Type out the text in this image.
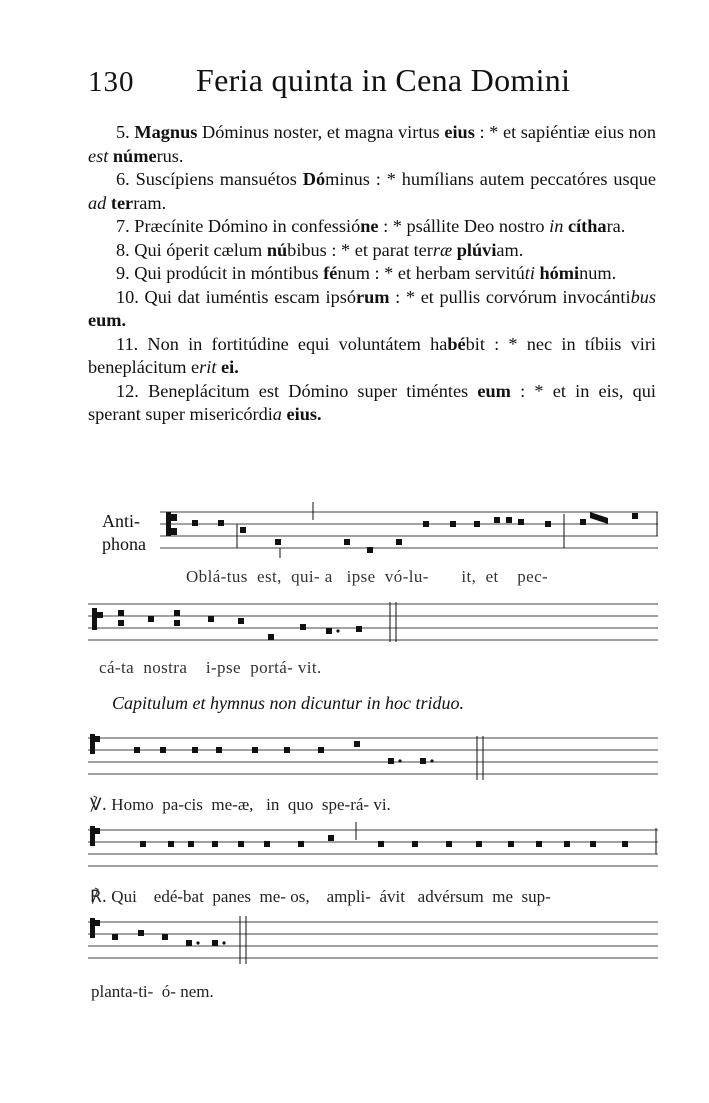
130 Feria quinta in Cena Domini

5. Magnus Dóminus noster, et magna virtus eius : * et sapiéntiæ eius non est númerus.

6. Suscípiens mansuétos Dóminus : * humílians autem peccatóres usque ad terram.

7. Præcínite Dómino in confessióne : * psállite Deo nostro in cíthara.

8. Qui óperit cælum núbibus : * et parat terræ plúviam.

9. Qui prodúcit in móntibus fénum : * et herbam servitúti hóminum.

10. Qui dat iuméntis escam ipsórum : * et pullis corvórum invocántibus eum.

11. Non in fortitúdine equi voluntátem habébit : * nec in tíbiis viri beneplácitum erit ei.

12. Beneplácitum est Dómino super timéntes eum : * et in eis, qui sperant super misericórdia eius.

Anti-
phona
Oblá-tus  est,  qui- a   ipse  vó-lu-       it,  et    pec-
cá-ta  nostra    i-pse  portá- vit.
Capitulum et hymnus non dicuntur in hoc triduo.
℣. Homo  pa-cis  me-æ,   in  quo  spe-rá- vi.
℟. Qui    edé-bat  panes  me- os,    ampli-  ávit   advérsum  me  sup-
planta-ti-  ó- nem.
